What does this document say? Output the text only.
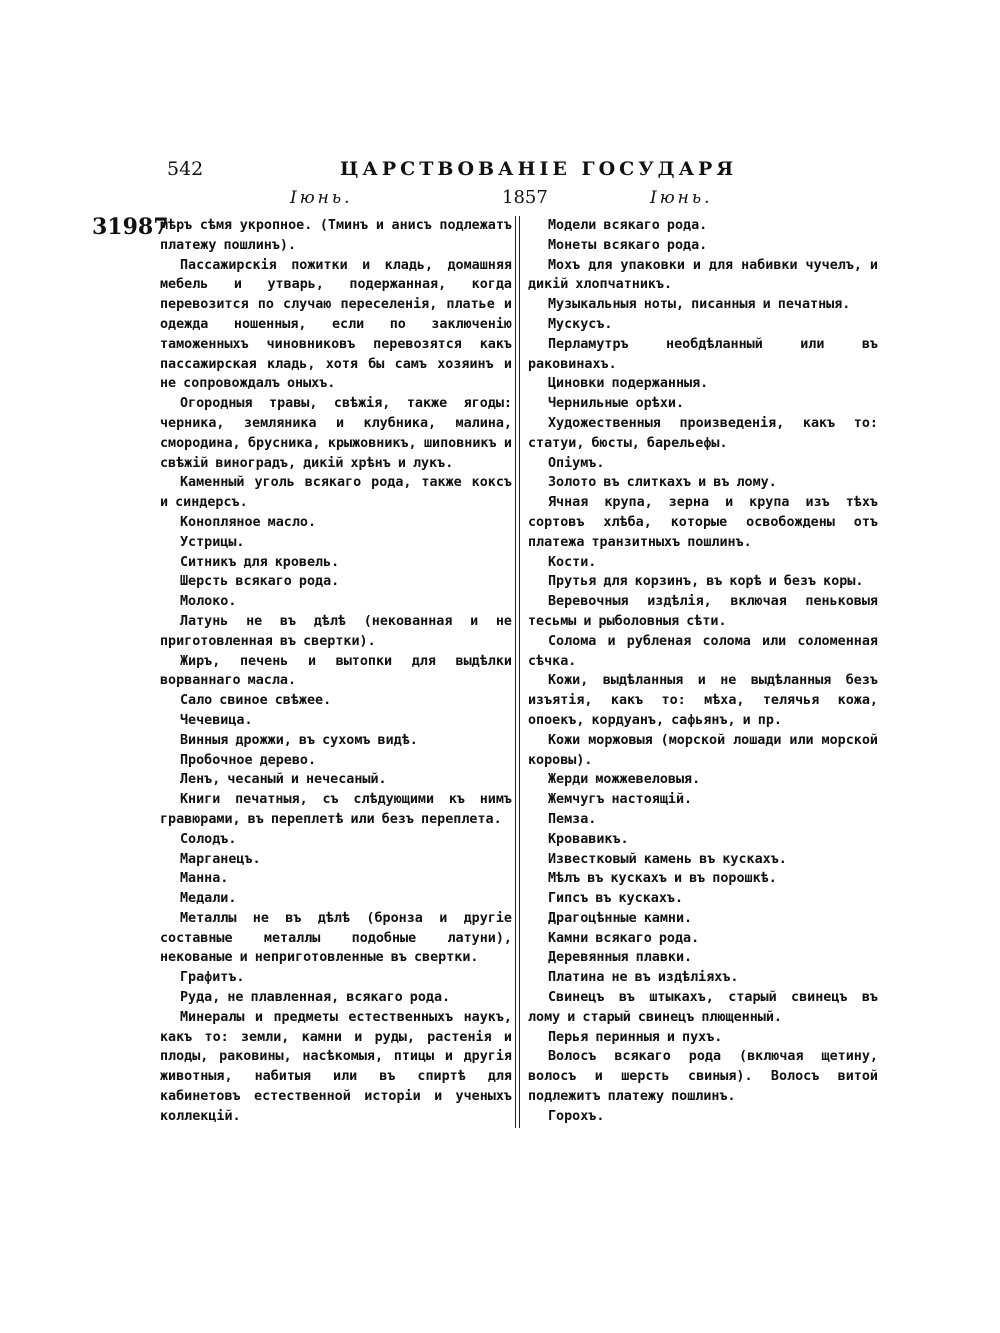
542	ЦАРСТВОВАНІЕ ГОСУДАРЯ
Іюнь.	1857	Іюнь.
31987

мѣръ сѣмя укропное. (Тминъ и анисъ подлежатъ платежу пошлинъ).

Пассажирскія пожитки и кладь, домашняя мебель и утварь, подержанная, когда перевозится по случаю переселенія, платье и одежда ношенныя, если по заключенію таможенныхъ чиновниковъ перевозятся какъ пассажирская кладь, хотя бы самъ хозяинъ и не сопровождалъ оныхъ.

Огородныя травы, свѣжія, также ягоды: черника, земляника и клубника, малина, смородина, брусника, крыжовникъ, шиповникъ и свѣжій виноградъ, дикій хрѣнъ и лукъ.

Каменный уголь всякаго рода, также коксъ и синдерсъ.

Конопляное масло.

Устрицы.

Ситникъ для кровель.

Шерсть всякаго рода.

Молоко.

Латунь не въ дѣлѣ (некованная и не приготовленная въ свертки).

Жиръ, печень и вытопки для выдѣлки ворваннаго масла.

Сало свиное свѣжее.

Чечевица.

Винныя дрожжи, въ сухомъ видѣ.

Пробочное дерево.

Ленъ, чесаный и нечесаный.

Книги печатныя, съ слѣдующими къ нимъ гравюрами, въ переплетѣ или безъ переплета.

Солодъ.

Марганецъ.

Манна.

Медали.

Металлы не въ дѣлѣ (бронза и другіе составные металлы подобные латуни), некованые и неприготовленные въ свертки.

Графитъ.

Руда, не плавленная, всякаго рода.

Минералы и предметы естественныхъ наукъ, какъ то: земли, камни и руды, растенія и плоды, раковины, насѣкомыя, птицы и другія животныя, набитыя или въ спиртѣ для кабинетовъ естественной исторіи и ученыхъ коллекцій.

Модели всякаго рода.

Монеты всякаго рода.

Мохъ для упаковки и для набивки чучелъ, и дикій хлопчатникъ.

Музыкальныя ноты, писанныя и печатныя.

Мускусъ.

Перламутръ необдѣланный или въ раковинахъ.

Циновки подержанныя.

Чернильные орѣхи.

Художественныя произведенія, какъ то: статуи, бюсты, барельефы.

Опіумъ.

Золото въ слиткахъ и въ лому.

Ячная крупа, зерна и крупа изъ тѣхъ сортовъ хлѣба, которые освобождены отъ платежа транзитныхъ пошлинъ.

Кости.

Прутья для корзинъ, въ корѣ и безъ коры.

Веревочныя издѣлія, включая пеньковыя тесьмы и рыболовныя сѣти.

Солома и рубленая солома или соломенная сѣчка.

Кожи, выдѣланныя и не выдѣланныя безъ изъятія, какъ то: мѣха, телячья кожа, опоекъ, кордуанъ, сафьянъ, и пр.

Кожи моржовыя (морской лошади или морской коровы).

Жерди можжевеловыя.

Жемчугъ настоящій.

Пемза.

Кровавикъ.

Известковый камень въ кускахъ.

Мѣлъ въ кускахъ и въ порошкѣ.

Гипсъ въ кускахъ.

Драгоцѣнные камни.

Камни всякаго рода.

Деревянныя плавки.

Платина не въ издѣліяхъ.

Свинецъ въ штыкахъ, старый свинецъ въ лому и старый свинецъ плющенный.

Перья перинныя и пухъ.

Волосъ всякаго рода (включая щетину, волосъ и шерсть свиныя). Волосъ витой подлежитъ платежу пошлинъ.

Горохъ.
